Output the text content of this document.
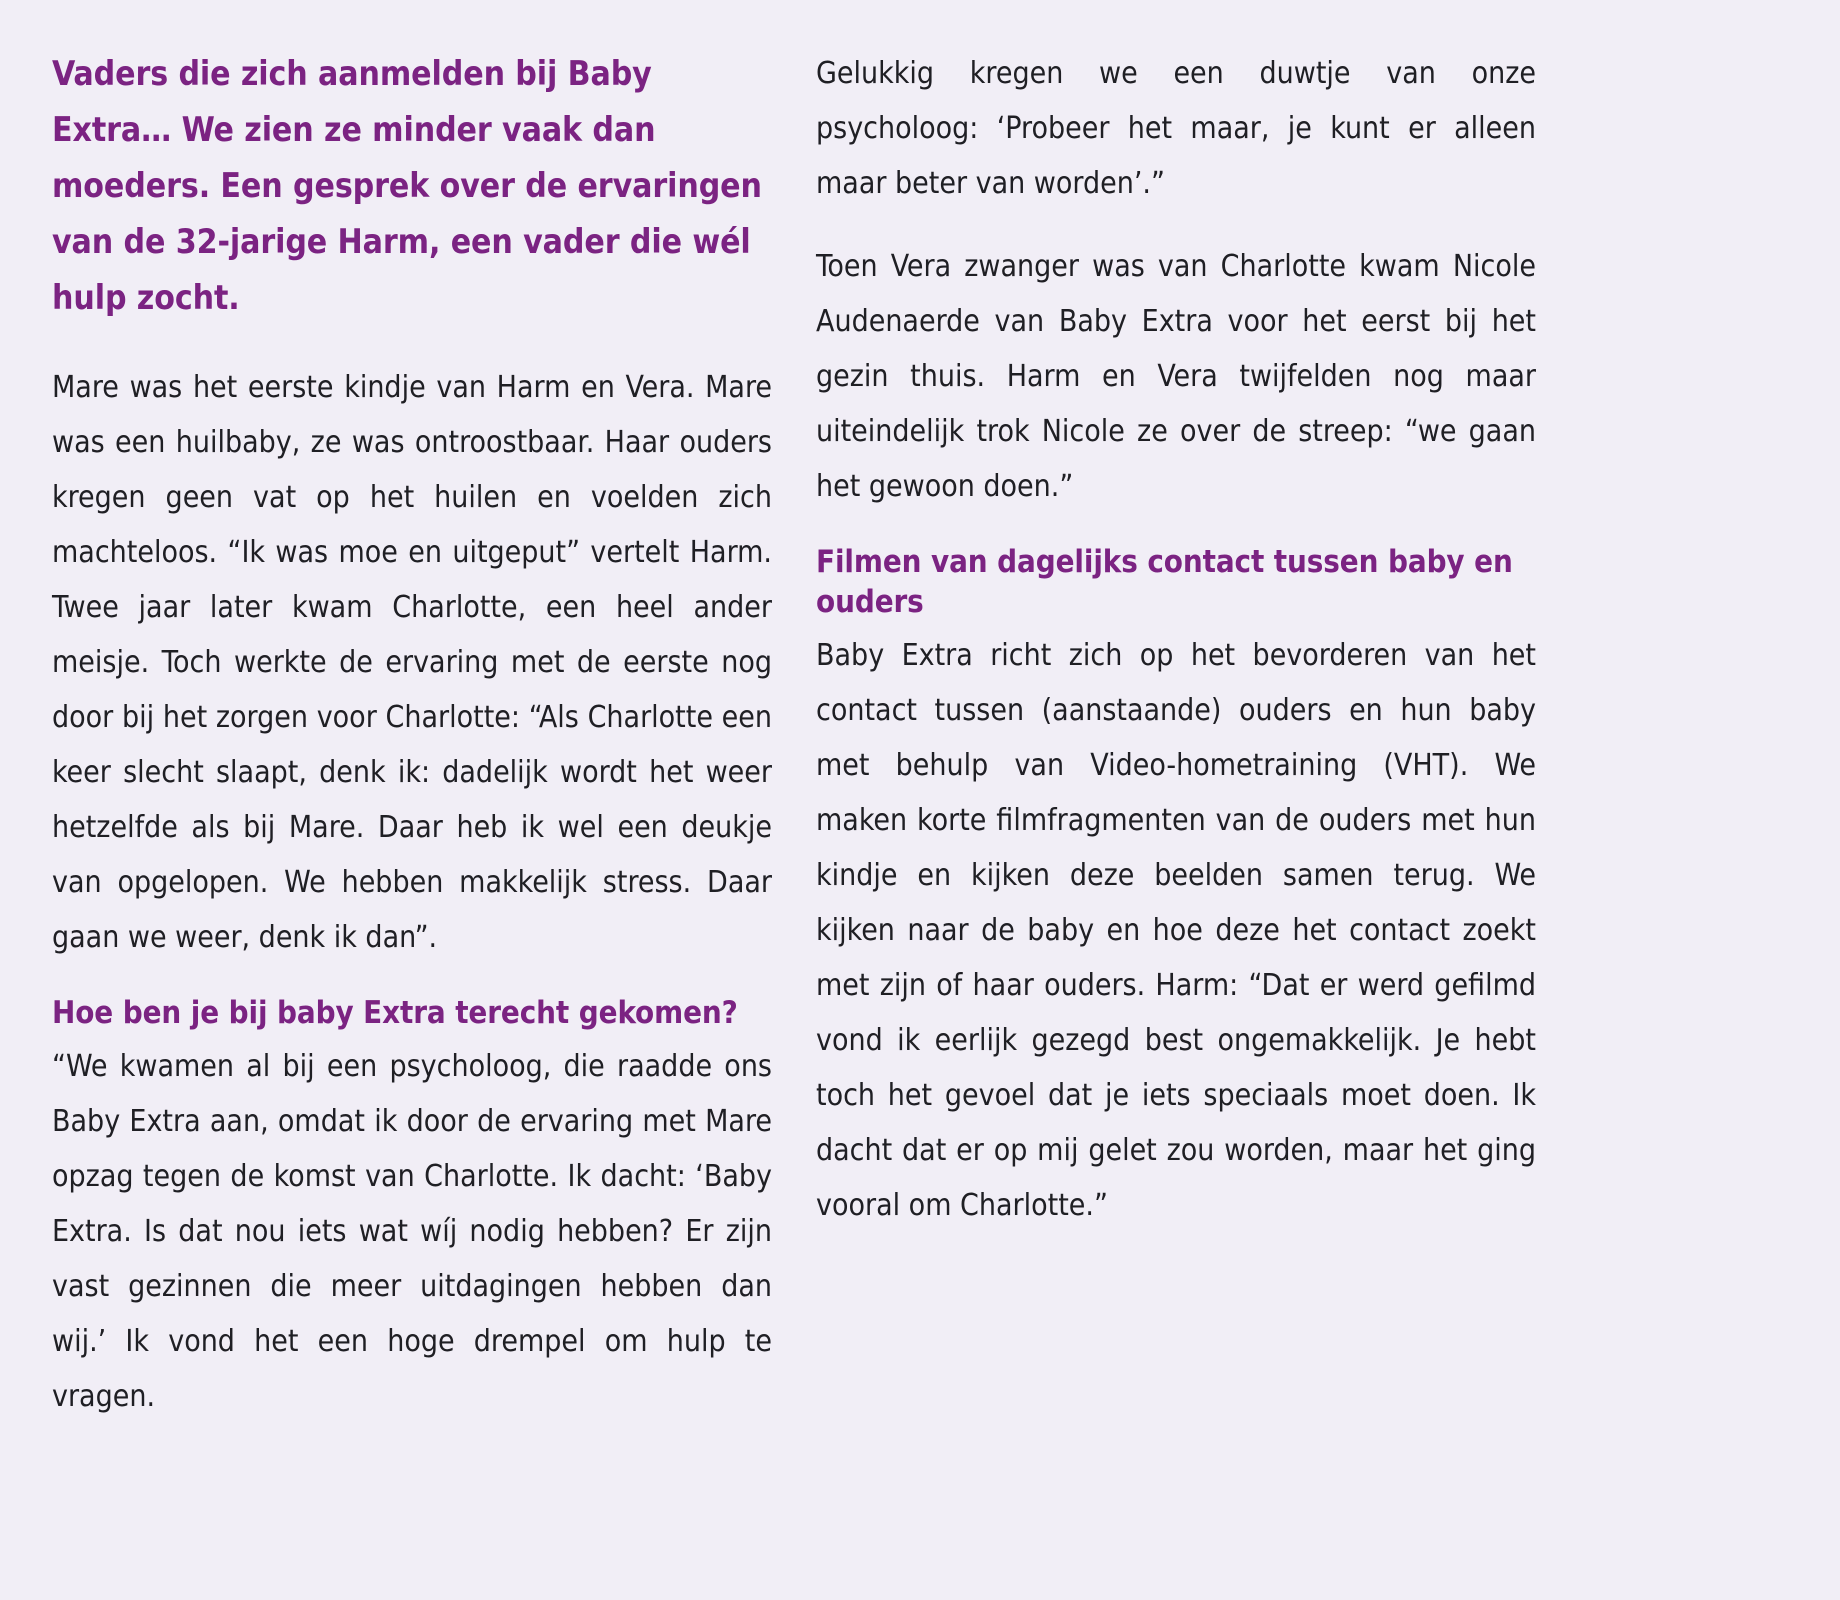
Vaders die zich aanmelden bij Baby Extra… We zien ze minder vaak dan moeders. Een gesprek over de ervaringen van de 32-jarige Harm, een vader die wél hulp zocht.

Mare was het eerste kindje van Harm en Vera. Mare was een huilbaby, ze was ontroostbaar. Haar ouders kregen geen vat op het huilen en voelden zich machteloos. “Ik was moe en uitgeput” vertelt Harm. Twee jaar later kwam Charlotte, een heel ander meisje. Toch werkte de ervaring met de eerste nog door bij het zorgen voor Charlotte: “Als Charlotte een keer slecht slaapt, denk ik: dadelijk wordt het weer hetzelfde als bij Mare. Daar heb ik wel een deukje van opgelopen. We hebben makkelijk stress. Daar gaan we weer, denk ik dan”.

Hoe ben je bij baby Extra terecht gekomen?

“We kwamen al bij een psycholoog, die raadde ons Baby Extra aan, omdat ik door de ervaring met Mare opzag tegen de komst van Charlotte. Ik dacht: ‘Baby Extra. Is dat nou iets wat wíj nodig hebben? Er zijn vast gezinnen die meer uitdagingen hebben dan wij.’ Ik vond het een hoge drempel om hulp te vragen.

Gelukkig kregen we een duwtje van onze psycholoog: ‘Probeer het maar, je kunt er alleen maar beter van worden’.”

Toen Vera zwanger was van Charlotte kwam Nicole Audenaerde van Baby Extra voor het eerst bij het gezin thuis. Harm en Vera twijfelden nog maar uiteindelijk trok Nicole ze over de streep: “we gaan het gewoon doen.”

Filmen van dagelijks contact tussen baby en ouders

Baby Extra richt zich op het bevorderen van het contact tussen (aanstaande) ouders en hun baby met behulp van Video-hometraining (VHT). We maken korte filmfragmenten van de ouders met hun kindje en kijken deze beelden samen terug. We kijken naar de baby en hoe deze het contact zoekt met zijn of haar ouders. Harm: “Dat er werd gefilmd vond ik eerlijk gezegd best ongemakkelijk. Je hebt toch het gevoel dat je iets speciaals moet doen. Ik dacht dat er op mij gelet zou worden, maar het ging vooral om Charlotte.”
